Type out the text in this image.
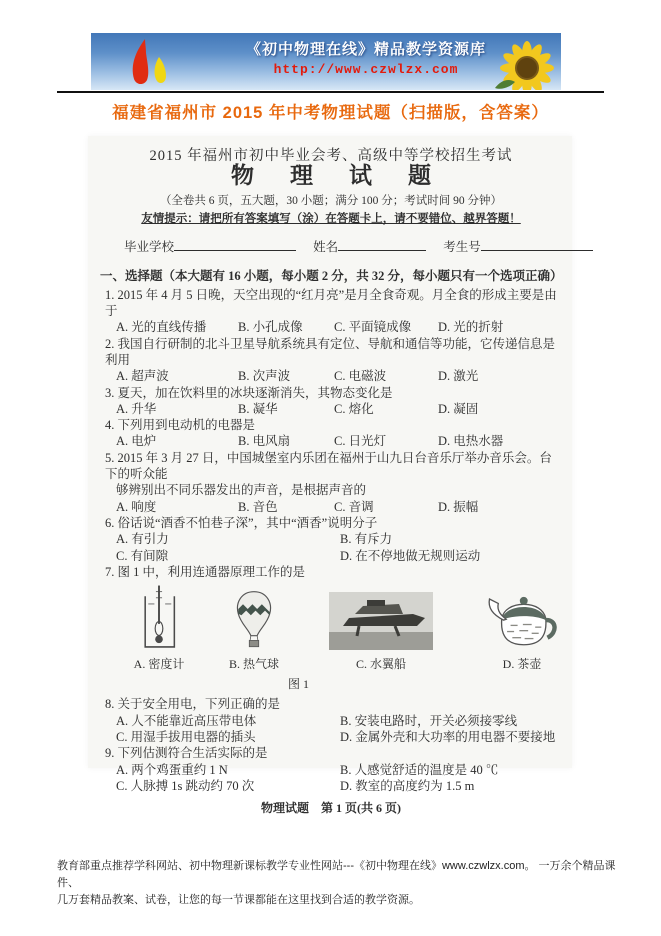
《初中物理在线》精品教学资源库
http://www.czwlzx.com
福建省福州市 2015 年中考物理试题（扫描版，含答案）
2015 年福州市初中毕业会考、高级中等学校招生考试
物理试题
（全卷共 6 页，五大题，30 小题；满分 100 分；考试时间 90 分钟）
友情提示：请把所有答案填写（涂）在答题卡上，请不要错位、越界答题！
毕业学校	姓名	考生号
一、选择题（本大题有 16 小题，每小题 2 分，共 32 分，每小题只有一个选项正确）
1. 2015 年 4 月 5 日晚，天空出现的“红月亮”是月全食奇观。月全食的形成主要是由于
A. 光的直线传播	B. 小孔成像	C. 平面镜成像	D. 光的折射
2. 我国自行研制的北斗卫星导航系统具有定位、导航和通信等功能，它传递信息是利用
A. 超声波	B. 次声波	C. 电磁波	D. 激光
3. 夏天，加在饮料里的冰块逐渐消失，其物态变化是
A. 升华	B. 凝华	C. 熔化	D. 凝固
4. 下列用到电动机的电器是
A. 电炉	B. 电风扇	C. 日光灯	D. 电热水器
5. 2015 年 3 月 27 日，中国城堡室内乐团在福州于山九日台音乐厅举办音乐会。台下的听众能
够辨别出不同乐器发出的声音，是根据声音的
A. 响度	B. 音色	C. 音调	D. 振幅
6. 俗话说“酒香不怕巷子深”，其中“酒香”说明分子
A. 有引力	B. 有斥力
C. 有间隙	D. 在不停地做无规则运动
7. 图 1 中，利用连通器原理工作的是
A. 密度计	B. 热气球	C. 水翼船	D. 茶壶
图 1
8. 关于安全用电，下列正确的是
A. 人不能靠近高压带电体	B. 安装电路时，开关必须接零线
C. 用湿手拔用电器的插头	D. 金属外壳和大功率的用电器不要接地
9. 下列估测符合生活实际的是
A. 两个鸡蛋重约 1 N	B. 人感觉舒适的温度是 40 ℃
C. 人脉搏 1s 跳动约 70 次	D. 教室的高度约为 1.5 m
物理试题　第 1 页(共 6 页)
教育部重点推荐学科网站、初中物理新课标教学专业性网站---《初中物理在线》www.czwlzx.com。 一万余个精品课件、
几万套精品教案、试卷，让您的每一节课都能在这里找到合适的教学资源。
